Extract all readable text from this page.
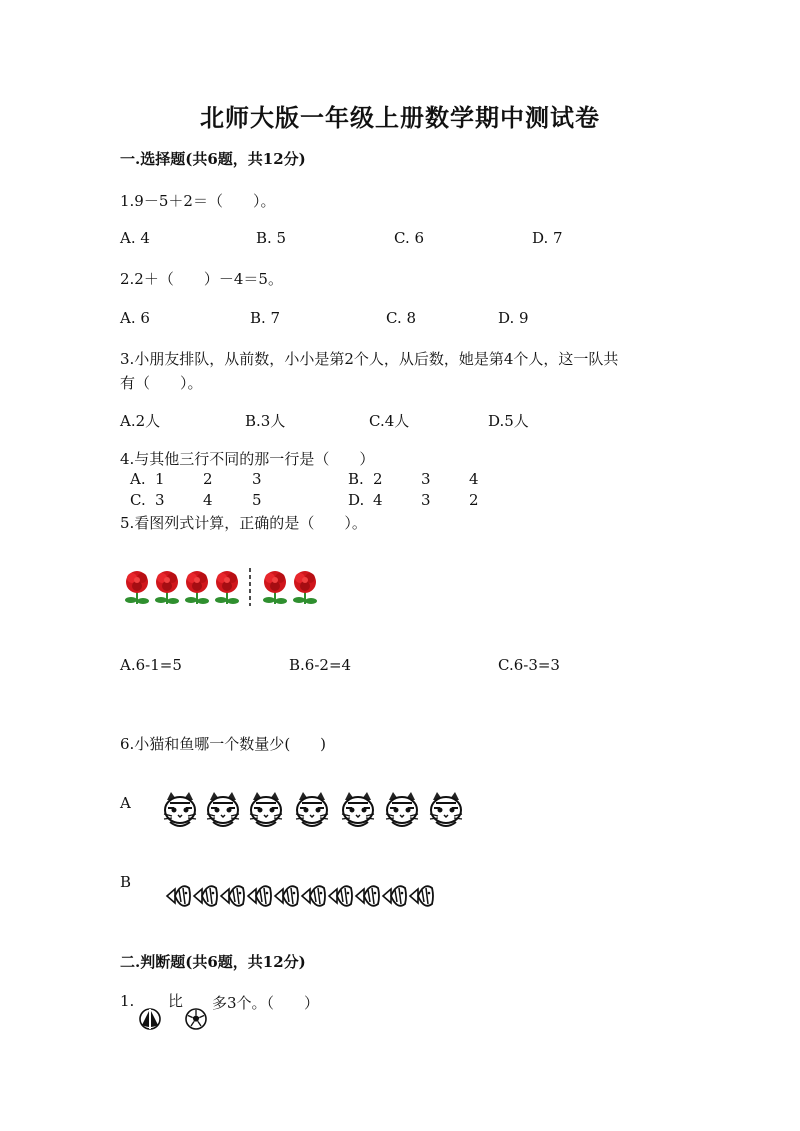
北师大版一年级上册数学期中测试卷
一.选择题(共6题，共12分)
1.9－5＋2＝（　　）。
A. 4	B. 5	C. 6	D. 7
2.2＋（　　）－4＝5。
A. 6	B. 7	C. 8	D. 9
3.小朋友排队，从前数，小小是第2个人，从后数，她是第4个人，这一队共
有（　　）。
A.2人	B.3人	C.4人	D.5人
4.与其他三行不同的那一行是（　　）
A. 1	2	3	B. 2	3	4
C. 3	4	5	D. 4	3	2
5.看图列式计算，正确的是（　　）。
A.6-1=5	B.6-2=4	C.6-3=3
6.小猫和鱼哪一个数量少(　　)
A
B
二.判断题(共6题，共12分)
1. 比 多3个。（　　）
